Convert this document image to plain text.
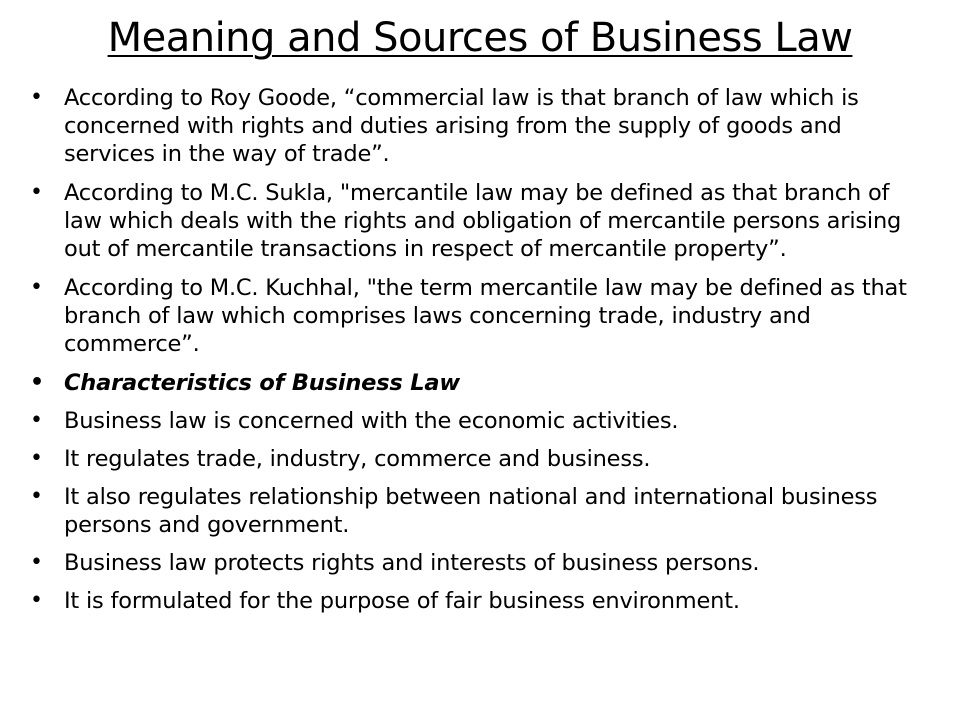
Meaning and Sources of Business Law
• According to Roy Goode, “commercial law is that branch of law which is concerned with rights and duties arising from the supply of goods and services in the way of trade”.
• According to M.C. Sukla, "mercantile law may be defined as that branch of law which deals with the rights and obligation of mercantile persons arising out of mercantile transactions in respect of mercantile property”.
• According to M.C. Kuchhal, "the term mercantile law may be defined as that branch of law which comprises laws concerning trade, industry and commerce”.
• Characteristics of Business Law
• Business law is concerned with the economic activities.
• It regulates trade, industry, commerce and business.
• It also regulates relationship between national and international business persons and government.
• Business law protects rights and interests of business persons.
• It is formulated for the purpose of fair business environment.
